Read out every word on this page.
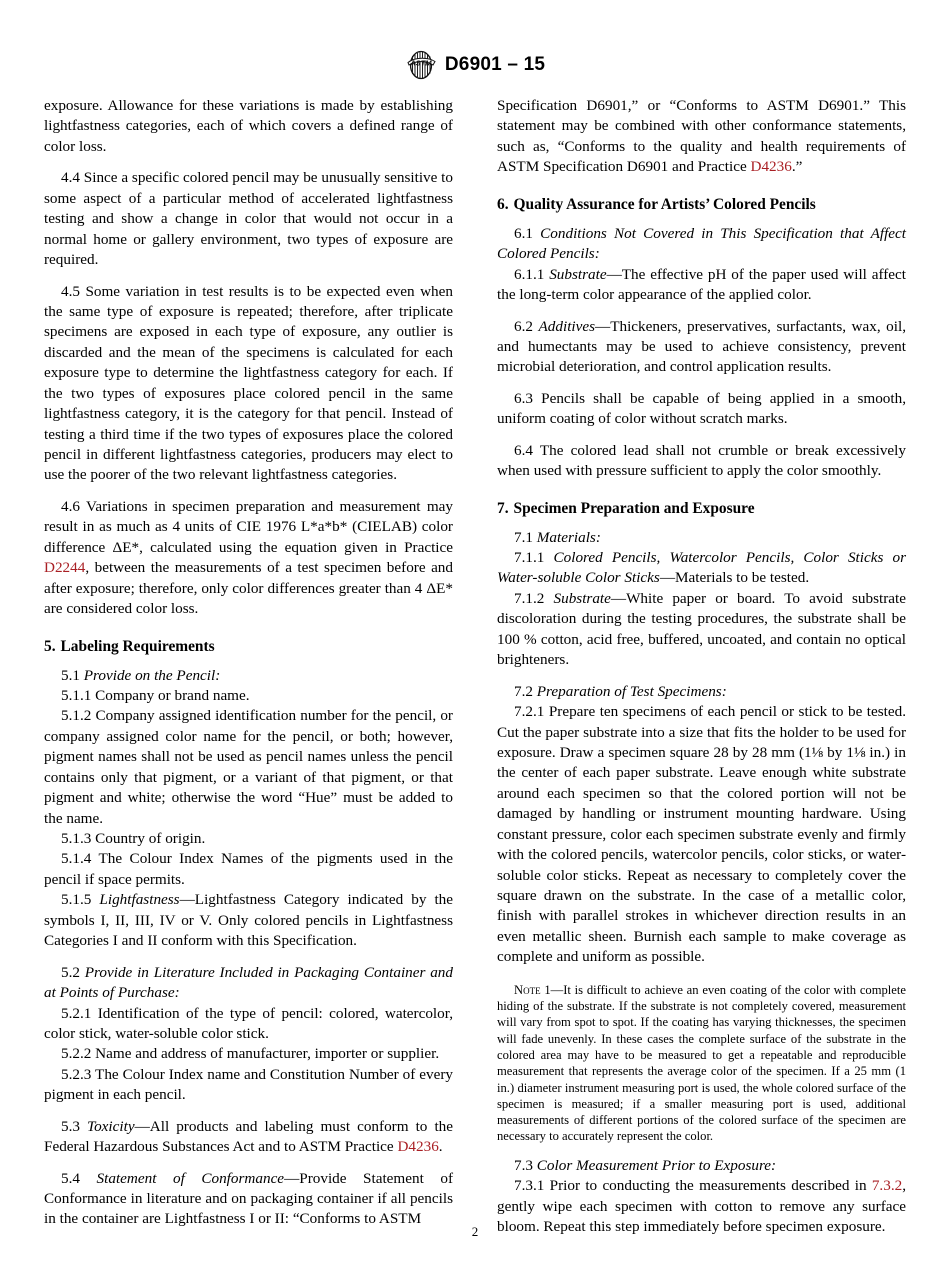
ASTM D6901 – 15

exposure. Allowance for these variations is made by establishing lightfastness categories, each of which covers a defined range of color loss.

4.4 Since a specific colored pencil may be unusually sensitive to some aspect of a particular method of accelerated lightfastness testing and show a change in color that would not occur in a normal home or gallery environment, two types of exposure are required.

4.5 Some variation in test results is to be expected even when the same type of exposure is repeated; therefore, after triplicate specimens are exposed in each type of exposure, any outlier is discarded and the mean of the specimens is calculated for each exposure type to determine the lightfastness category for each. If the two types of exposures place colored pencil in the same lightfastness category, it is the category for that pencil. Instead of testing a third time if the two types of exposures place the colored pencil in different lightfastness categories, producers may elect to use the poorer of the two relevant lightfastness categories.

4.6 Variations in specimen preparation and measurement may result in as much as 4 units of CIE 1976 L*a*b* (CIELAB) color difference ΔE*, calculated using the equation given in Practice D2244, between the measurements of a test specimen before and after exposure; therefore, only color differences greater than 4 ΔE* are considered color loss.

5. Labeling Requirements

5.1 Provide on the Pencil:

5.1.1 Company or brand name.

5.1.2 Company assigned identification number for the pencil, or company assigned color name for the pencil, or both; however, pigment names shall not be used as pencil names unless the pencil contains only that pigment, or a variant of that pigment, or that pigment and white; otherwise the word “Hue” must be added to the name.

5.1.3 Country of origin.

5.1.4 The Colour Index Names of the pigments used in the pencil if space permits.

5.1.5 Lightfastness—Lightfastness Category indicated by the symbols I, II, III, IV or V. Only colored pencils in Lightfastness Categories I and II conform with this Specification.

5.2 Provide in Literature Included in Packaging Container and at Points of Purchase:

5.2.1 Identification of the type of pencil: colored, watercolor, color stick, water-soluble color stick.

5.2.2 Name and address of manufacturer, importer or supplier.

5.2.3 The Colour Index name and Constitution Number of every pigment in each pencil.

5.3 Toxicity—All products and labeling must conform to the Federal Hazardous Substances Act and to ASTM Practice D4236.

5.4 Statement of Conformance—Provide Statement of Conformance in literature and on packaging container if all pencils in the container are Lightfastness I or II: “Conforms to ASTM

Specification D6901,” or “Conforms to ASTM D6901.” This statement may be combined with other conformance statements, such as, “Conforms to the quality and health requirements of ASTM Specification D6901 and Practice D4236.”

6. Quality Assurance for Artists’ Colored Pencils

6.1 Conditions Not Covered in This Specification that Affect Colored Pencils:

6.1.1 Substrate—The effective pH of the paper used will affect the long-term color appearance of the applied color.

6.2 Additives—Thickeners, preservatives, surfactants, wax, oil, and humectants may be used to achieve consistency, prevent microbial deterioration, and control application results.

6.3 Pencils shall be capable of being applied in a smooth, uniform coating of color without scratch marks.

6.4 The colored lead shall not crumble or break excessively when used with pressure sufficient to apply the color smoothly.

7. Specimen Preparation and Exposure

7.1 Materials:

7.1.1 Colored Pencils, Watercolor Pencils, Color Sticks or Water-soluble Color Sticks—Materials to be tested.

7.1.2 Substrate—White paper or board. To avoid substrate discoloration during the testing procedures, the substrate shall be 100 % cotton, acid free, buffered, uncoated, and contain no optical brighteners.

7.2 Preparation of Test Specimens:

7.2.1 Prepare ten specimens of each pencil or stick to be tested. Cut the paper substrate into a size that fits the holder to be used for exposure. Draw a specimen square 28 by 28 mm (1⅛ by 1⅛ in.) in the center of each paper substrate. Leave enough white substrate around each specimen so that the colored portion will not be damaged by handling or instrument mounting hardware. Using constant pressure, color each specimen substrate evenly and firmly with the colored pencils, watercolor pencils, color sticks, or water-soluble color sticks. Repeat as necessary to completely cover the square drawn on the substrate. In the case of a metallic color, finish with parallel strokes in whichever direction results in an even metallic sheen. Burnish each sample to make coverage as complete and uniform as possible.

Note 1—It is difficult to achieve an even coating of the color with complete hiding of the substrate. If the substrate is not completely covered, measurement will vary from spot to spot. If the coating has varying thicknesses, the specimen will fade unevenly. In these cases the complete surface of the substrate in the colored area may have to be measured to get a repeatable and reproducible measurement that represents the average color of the specimen. If a 25 mm (1 in.) diameter instrument measuring port is used, the whole colored surface of the specimen is measured; if a smaller measuring port is used, additional measurements of different portions of the colored surface of the specimen are necessary to accurately represent the color.

7.3 Color Measurement Prior to Exposure:

7.3.1 Prior to conducting the measurements described in 7.3.2, gently wipe each specimen with cotton to remove any surface bloom. Repeat this step immediately before specimen exposure.

2
